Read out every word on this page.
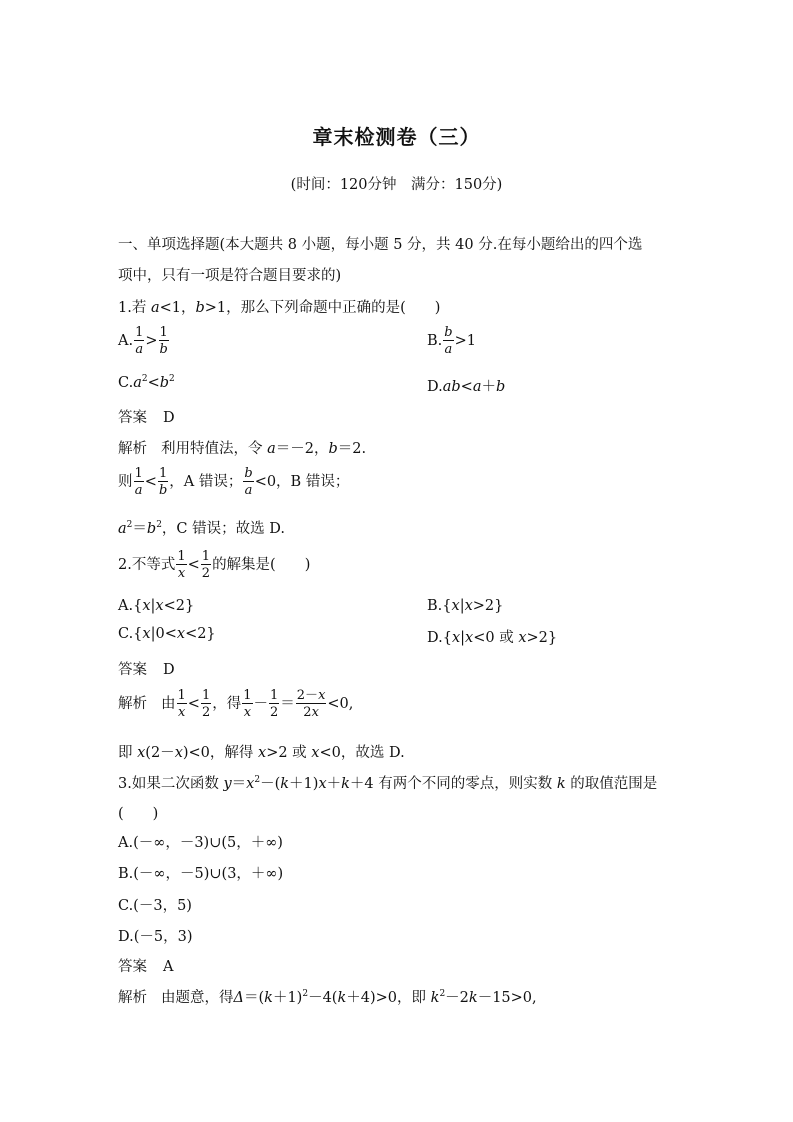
章末检测卷（三）
(时间：120分钟　满分：150分)
一、单项选择题(本大题共 8 小题，每小题 5 分，共 40 分.在每小题给出的四个选
项中，只有一项是符合题目要求的)
1.若 a<1，b>1，那么下列命题中正确的是(　　)
A. $\frac{1}{a} > \frac{1}{b}$	B. $\frac{b}{a} >1$
$C.a^2<b^2$	D.ab<a＋b
答案 D
解析 利用特值法，令 a＝－2，b＝2.
则 $\frac{1}{a} < \frac{1}{b}$ ，A 错误； $\frac{b}{a} <0$，B 错误；
$a^2=b^2$，C 错误；故选 D.
2.不等式 $\frac{1}{x} < \frac{1}{2}$ 的解集是(　　)
A.{x|x<2}	B.{x|x>2}
C.{x|0<x<2}	D.{x|x<0 或 x>2}
答案 D
解析 由 $\frac{1}{x} < \frac{1}{2}$ ，得 $\frac{1}{x} - \frac{1}{2} = \frac{2-x}{2x} <0$,
即 x(2－x)<0，解得 x>2 或 x<0，故选 D.
3.如果二次函数 $y=x^2-(k+1)x+k+4$ 有两个不同的零点，则实数 k 的取值范围是
(　　)
A.(－∞，－3)∪(5，＋∞)
B.(－∞，－5)∪(3，＋∞)
C.(－3，5)
D.(－5，3)
答案 A
解析 由题意，得$\Delta=(k+1)^2-4(k+4)>0$，即 $k^2-2k-15>0$,
